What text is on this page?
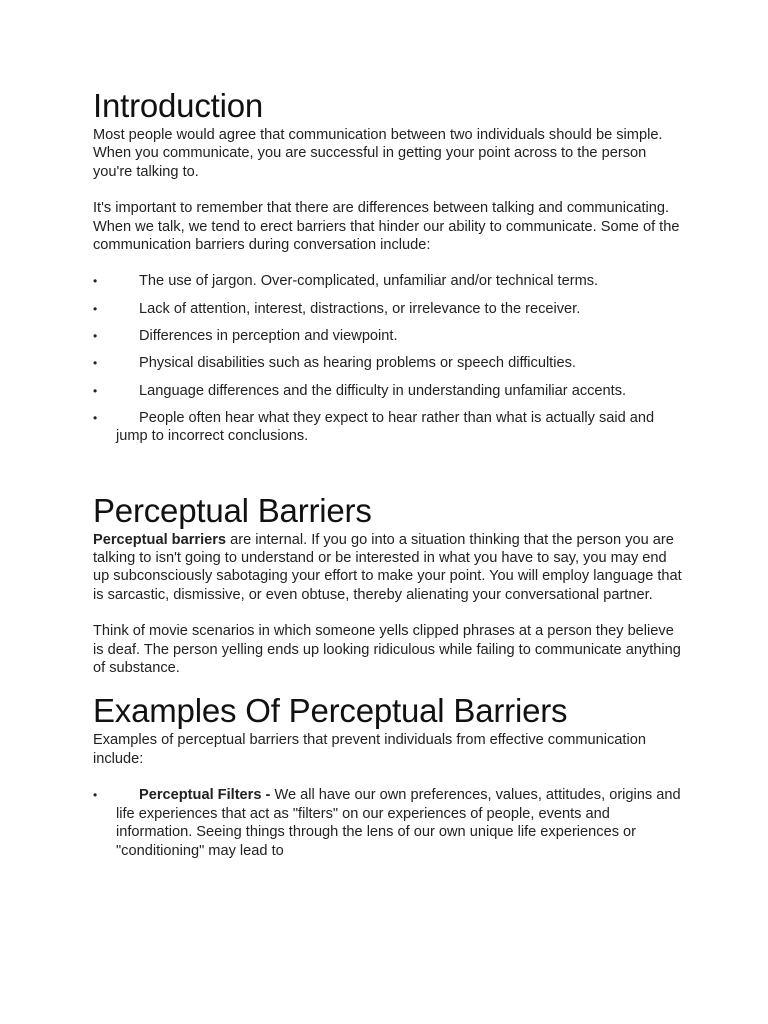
Introduction

Most people would agree that communication between two individuals should be simple. When you communicate, you are successful in getting your point across to the person you're talking to.

It's important to remember that there are differences between talking and communicating. When we talk, we tend to erect barriers that hinder our ability to communicate. Some of the communication barriers during conversation include:

•	The use of jargon. Over-complicated, unfamiliar and/or technical terms.
•	Lack of attention, interest, distractions, or irrelevance to the receiver.
•	Differences in perception and viewpoint.
•	Physical disabilities such as hearing problems or speech difficulties.
•	Language differences and the difficulty in understanding unfamiliar accents.
•	People often hear what they expect to hear rather than what is actually said and jump to incorrect conclusions.
Perceptual Barriers

Perceptual barriers are internal. If you go into a situation thinking that the person you are talking to isn't going to understand or be interested in what you have to say, you may end up subconsciously sabotaging your effort to make your point. You will employ language that is sarcastic, dismissive, or even obtuse, thereby alienating your conversational partner.

Think of movie scenarios in which someone yells clipped phrases at a person they believe is deaf. The person yelling ends up looking ridiculous while failing to communicate anything of substance.

Examples Of Perceptual Barriers

Examples of perceptual barriers that prevent individuals from effective communication include:

•	Perceptual Filters - We all have our own preferences, values, attitudes, origins and life experiences that act as "filters" on our experiences of people, events and information. Seeing things through the lens of our own unique life experiences or "conditioning" may lead to
